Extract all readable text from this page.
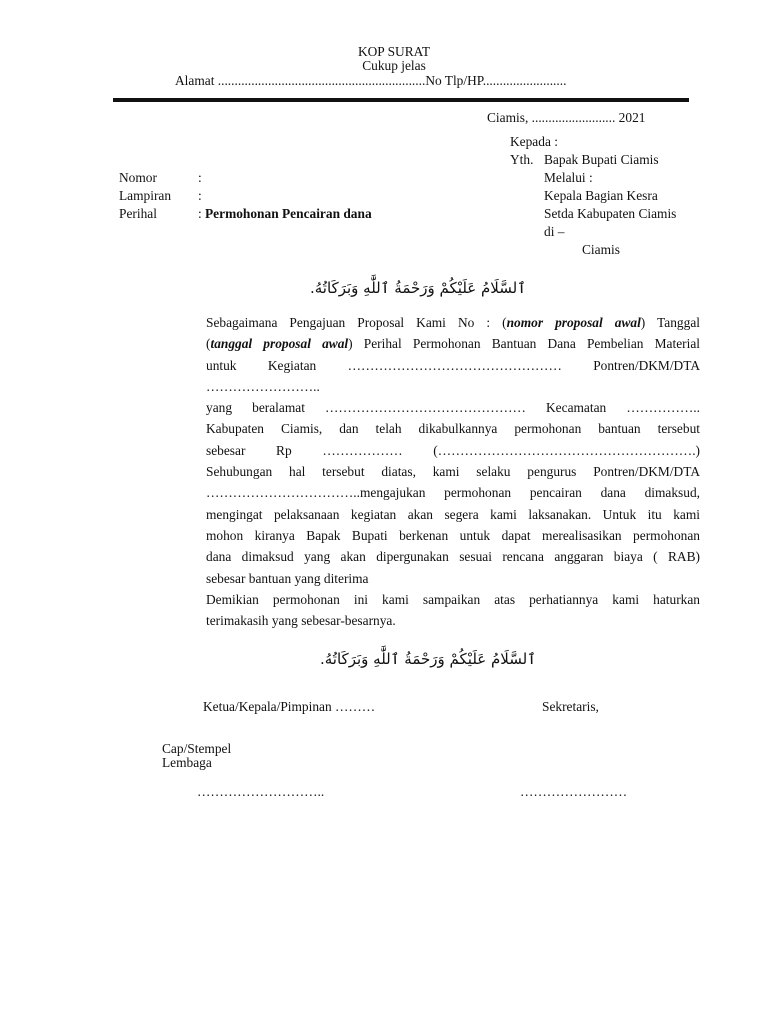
KOP SURAT
Cukup jelas
Alamat ..............................................................No Tlp/HP.........................
Ciamis, ......................... 2021
Kepada :
Yth. Bapak Bupati Ciamis
Melalui :
Kepala Bagian Kesra
Setda Kabupaten Ciamis
di –
Ciamis
Nomor	:
Lampiran :
Perihal	: Permohonan Pencairan dana
ٱلسَّلَامُ عَلَيْكُمْ وَرَحْمَةُ ٱللَّٰهِ وَبَرَكَاتُهُ.

Sebagaimana Pengajuan Proposal Kami No : (nomor proposal awal) Tanggal

(tanggal proposal awal) Perihal Permohonan Bantuan Dana Pembelian Material

untuk Kegiatan ………………………………………… Pontren/DKM/DTA

……………………..

yang beralamat ……………………………………… Kecamatan ……………..

Kabupaten Ciamis, dan telah dikabulkannya permohonan bantuan tersebut

sebesar Rp ……………… (………………………………………………….)

Sehubungan hal tersebut diatas, kami selaku pengurus Pontren/DKM/DTA

……………………………..mengajukan permohonan pencairan dana dimaksud,

mengingat pelaksanaan kegiatan akan segera kami laksanakan. Untuk itu kami

mohon kiranya Bapak Bupati berkenan untuk dapat merealisasikan permohonan

dana dimaksud yang akan dipergunakan sesuai rencana anggaran biaya ( RAB)

sebesar bantuan yang diterima

Demikian permohonan ini kami sampaikan atas perhatiannya kami haturkan

terimakasih yang sebesar-besarnya.

ٱلسَّلَامُ عَلَيْكُمْ وَرَحْمَةُ ٱللَّٰهِ وَبَرَكَاتُهُ.
Ketua/Kepala/Pimpinan ………	Sekretaris,
Cap/Stempel
Lembaga
………………………..	……………………
